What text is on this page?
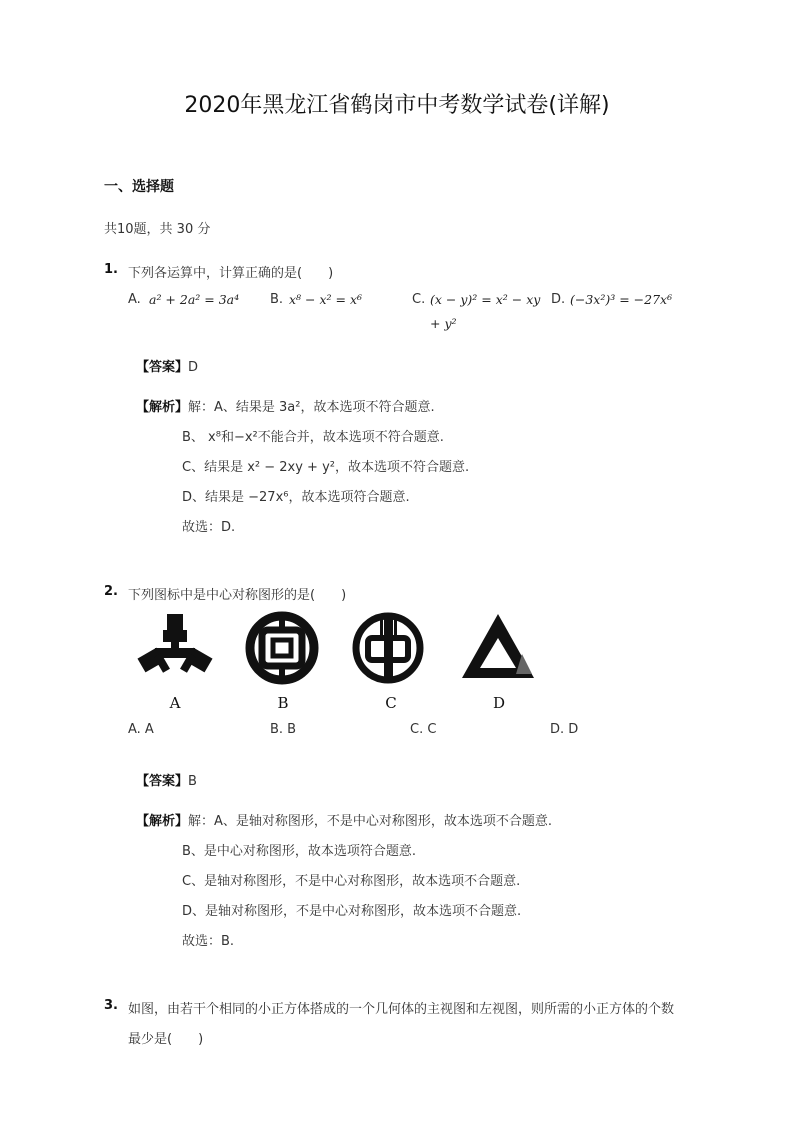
2020年黑龙江省鹤岗市中考数学试卷(详解)
一、选择题
共10题，共 30 分
1. 下列各运算中，计算正确的是(　　)
A. a² + 2a² = 3a⁴ B. x⁸ − x² = x⁶	C. (x − y)² = x² − xy
+ y²
D. (−3x²)³ = −27x⁶
【答案】D
【解析】解：A、结果是 3a²，故本选项不符合题意.
B、 x⁸和−x²不能合并，故本选项不符合题意.
C、结果是 x² − 2xy + y²，故本选项不符合题意.
D、结果是 −27x⁶，故本选项符合题意.
故选：D.
2. 下列图标中是中心对称图形的是(　　)
A	B	C	D
A. A	B. B	C. C	D. D
【答案】B
【解析】解：A、是轴对称图形，不是中心对称图形，故本选项不合题意.
B、是中心对称图形，故本选项符合题意.
C、是轴对称图形，不是中心对称图形，故本选项不合题意.
D、是轴对称图形，不是中心对称图形，故本选项不合题意.
故选：B.
3. 如图，由若干个相同的小正方体搭成的一个几何体的主视图和左视图，则所需的小正方体的个数
最少是(　　)
